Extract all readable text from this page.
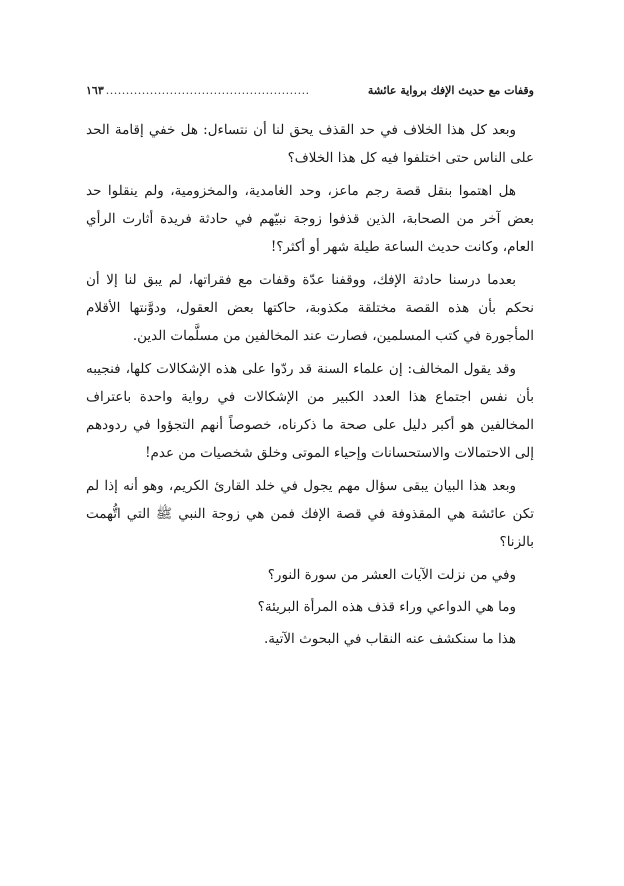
وقفات مع حديث الإفك برواية عائشة
...................................................
١٦٣

وبعد كل هذا الخلاف في حد القذف يحق لنا أن نتساءل: هل خفي إقامة الحد على الناس حتى اختلفوا فيه كل هذا الخلاف؟

هل اهتموا بنقل قصة رجم ماعز، وحد الغامدية، والمخزومية، ولم ينقلوا حد بعض آخر من الصحابة، الذين قذفوا زوجة نبيّهم في حادثة فريدة أثارت الرأي العام، وكانت حديث الساعة طيلة شهر أو أكثر؟!

بعدما درسنا حادثة الإفك، ووقفنا عدّة وقفات مع فقراتها، لم يبق لنا إلا أن نحكم بأن هذه القصة مختلقة مكذوبة، حاكتها بعض العقول، ودوَّنتها الأقلام المأجورة في كتب المسلمين، فصارت عند المخالفين من مسلَّمات الدين.

وقد يقول المخالف: إن علماء السنة قد ردّوا على هذه الإشكالات كلها، فنجيبه بأن نفس اجتماع هذا العدد الكبير من الإشكالات في رواية واحدة باعتراف المخالفين هو أكبر دليل على صحة ما ذكرناه، خصوصاً أنهم التجؤوا في ردودهم إلى الاحتمالات والاستحسانات وإحياء الموتى وخلق شخصيات من عدم!

وبعد هذا البيان يبقى سؤال مهم يجول في خلد القارئ الكريم، وهو أنه إذا لم تكن عائشة هي المقذوفة في قصة الإفك فمن هي زوجة النبي ﷺ التي اتُّهمت بالزنا؟

وفي من نزلت الآيات العشر من سورة النور؟

وما هي الدواعي وراء قذف هذه المرأة البريئة؟

هذا ما سنكشف عنه النقاب في البحوث الآتية.
